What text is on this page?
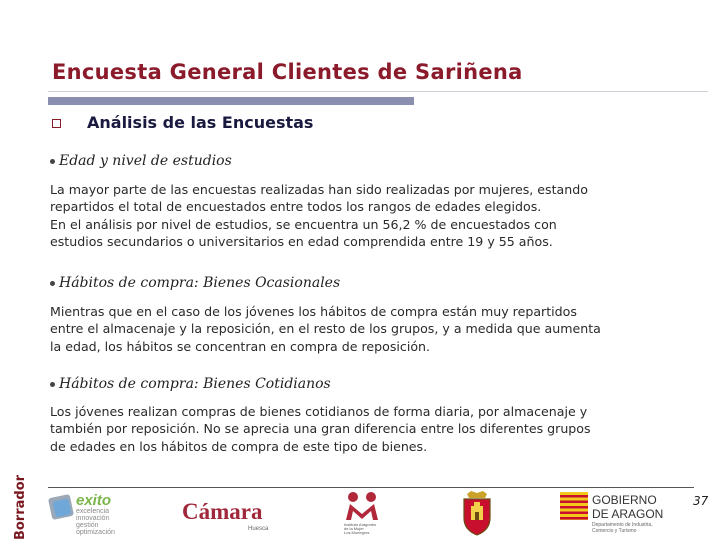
Encuesta General Clientes de Sariñena
Análisis de las Encuestas
Edad y nivel de estudios
La mayor parte de las encuestas realizadas han sido realizadas por mujeres, estando
repartidos el total de encuestados entre todos los rangos de edades elegidos.
En el análisis por nivel de estudios, se encuentra un 56,2 % de encuestados con
estudios secundarios o universitarios en edad comprendida entre 19 y 55 años.
Hábitos de compra: Bienes Ocasionales
Mientras que en el caso de los jóvenes los hábitos de compra están muy repartidos
entre el almacenaje y la reposición, en el resto de los grupos, y a medida que aumenta
la edad, los hábitos se concentran en compra de reposición.
Hábitos de compra: Bienes Cotidianos
Los jóvenes realizan compras de bienes cotidianos de forma diaria, por almacenaje y
también por reposición. No se aprecia una gran diferencia entre los diferentes grupos
de edades en los hábitos de compra de este tipo de bienes.
37
Borrador	exito
excelencia
innovación
gestión
optimización
Cámara
Huesca
Instituto Aragonés
de la Mujer
Los Monegros
GOBIERNO
DE ARAGON
Departamento de Industria,
Comercio y Turismo
